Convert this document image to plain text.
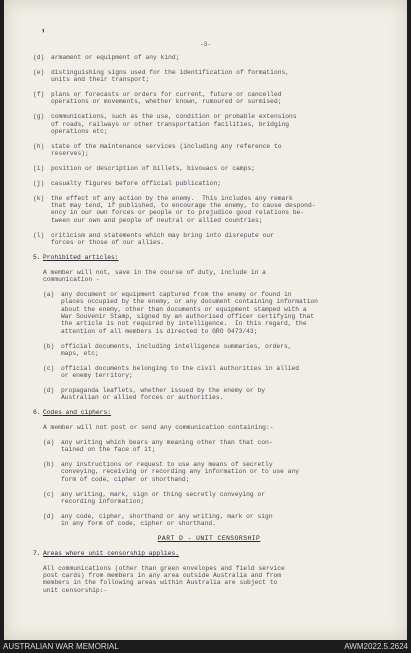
'
-3-
(d) armament or equipment of any kind;
(e) distinguishing signs used for the identification of formations,
units and their transport;
(f) plans or forecasts or orders for current, future or cancelled
operations or movements, whether known, rumoured or surmised;
(g) communications, such as the use, condition or probable extensions
of roads, railways or other transportation facilities, bridging
operations etc;
(h) state of the maintenance services (including any reference to
reserves);
(i) position or description of billets, bivouacs or camps;
(j) casualty figures before official publication;
(k) the effect of any action by the enemy.  This includes any remark
that may tend, if published, to encourage the enemy, to cause despond-
ency in our own forces or people or to prejudice good relations be-
tween our own and people of neutral or allied countries;
(l) criticism and statements which may bring into disrepute our
forces or those of our allies.
5. Prohibited articles:
A member will not, save in the course of duty, include in a
communication -
(a) any document or equipment captured from the enemy or found in
places occupied by the enemy, or any document containing information
about the enemy, other than documents or equipment stamped with a
War Souvenir Stamp, signed by an authorised officer certifying that
the article is not required by intelligence.  In this regard, the
attention of all members is directed to GRO 0473/43;
(b) official documents, including intelligence summaries, orders,
maps, etc;
(c) official documents belonging to the civil authorities in allied
or enemy territory;
(d) propaganda leaflets, whether issued by the enemy or by
Australian or allied forces or authorities.
6. Codes and ciphers:
A member will not post or send any communication containing:-
(a) any writing which bears any meaning other than that con-
tained on the face of it;
(b) any instructions or request to use any means of secretly
conveying, receiving or recording any information or to use any
form of code, cipher or shorthand;
(c) any writing, mark, sign or thing secretly conveying or
recording information;
(d) any code, cipher, shorthand or any writing, mark or sign
in any form of code, cipher or shorthand.
PART D - UNIT CENSORSHIP
7. Areas where unit censorship applies.
All communications (other than green envelopes and field service
post cards) from members in any area outside Australia and from
members in the following areas within Australia are subject to
unit censorship:-
AUSTRALIAN WAR MEMORIAL	AWM2022.5.2624
